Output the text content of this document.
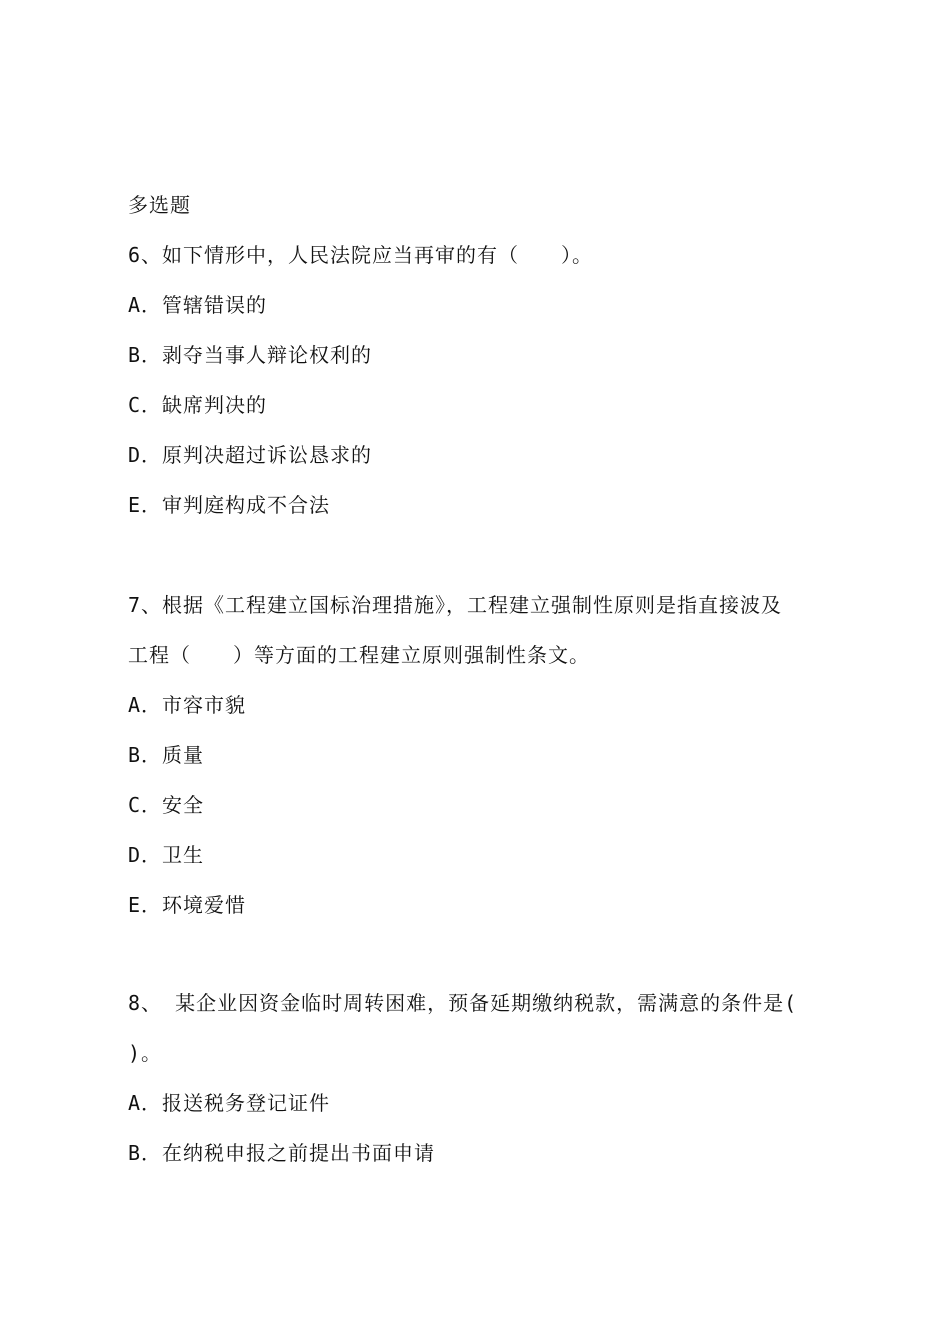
多选题
6、如下情形中，人民法院应当再审的有（　　）。
A．管辖错误的
B．剥夺当事人辩论权利的
C．缺席判决的
D．原判决超过诉讼恳求的
E．审判庭构成不合法
7、根据《工程建立国标治理措施》，工程建立强制性原则是指直接波及
工程（　　）等方面的工程建立原则强制性条文。
A．市容市貌
B．质量
C．安全
D．卫生
E．环境爱惜
8、 某企业因资金临时周转困难，预备延期缴纳税款，需满意的条件是(
)。
A．报送税务登记证件
B．在纳税申报之前提出书面申请
